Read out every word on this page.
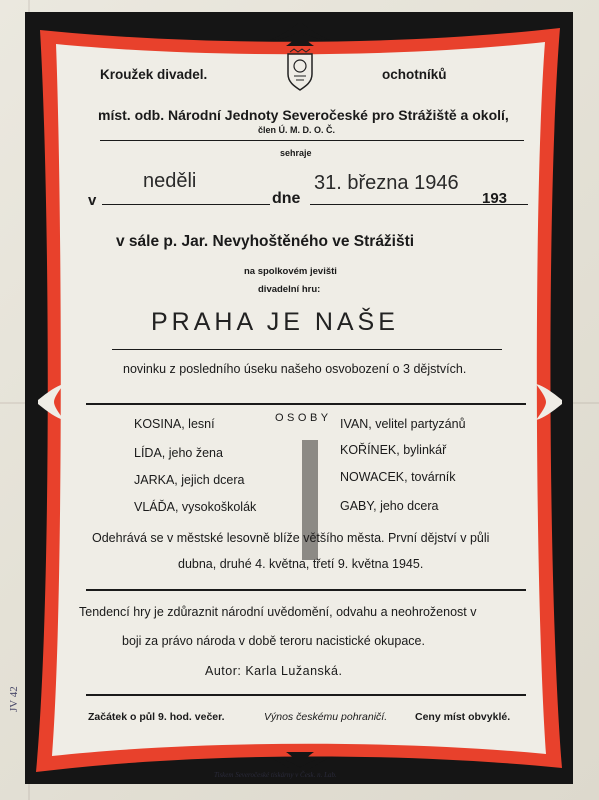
Kroužek divadel.	ochotníků
míst. odb. Národní Jednoty Severočeské pro Strážiště a okolí,
člen Ú. M. D. O. Č.
sehraje
v
neděli
dne
31. března 1946
193
v sále p. Jar. Nevyhoštěného ve Strážišti
na spolkovém jevišti
divadelní hru:
PRAHA JE NAŠE
novinku z posledního úseku našeho osvobození o 3 dějstvích.
OSOBY
KOSINA, lesní
LÍDA, jeho žena
JARKA, jejich dcera
VLÁĎA, vysokoškolák
IVAN, velitel partyzánů
KOŘÍNEK, bylinkář
NOWACEK, továrník
GABY, jeho dcera
Odehrává se v městské lesovně blíže většího města. První dějství v půli
dubna, druhé 4. května, třetí 9. května 1945.
Tendencí hry je zdůraznit národní uvědomění, odvahu a neohroženost v
boji za právo národa v době teroru nacistické okupace.
Autor: Karla Lužanská.
Začátek o půl 9. hod. večer.	Výnos českému pohraničí.	Ceny míst obvyklé.
Tiskem Severočeské tiskárny v Česk. n. Lab.
JV 42
